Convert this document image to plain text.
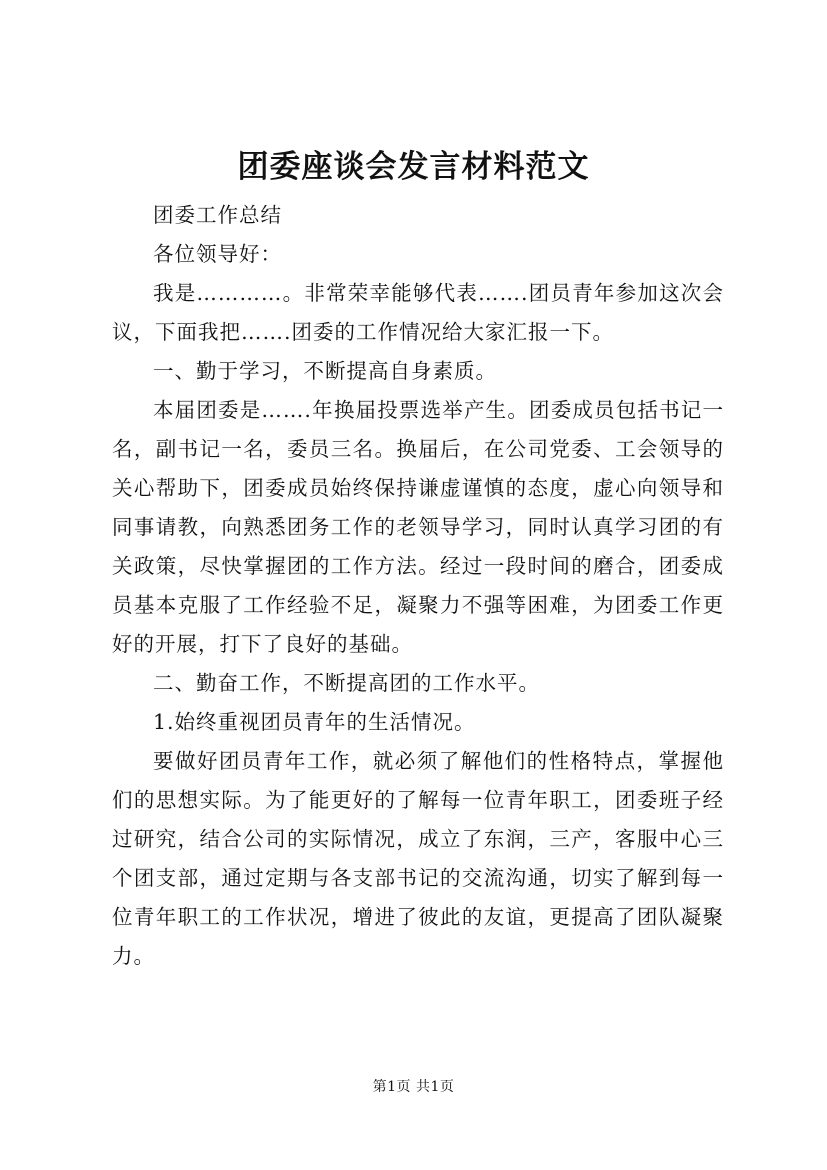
团委座谈会发言材料范文

团委工作总结

各位领导好：

我是…………。非常荣幸能够代表…….团员青年参加这次会议，下面我把…….团委的工作情况给大家汇报一下。

一、勤于学习，不断提高自身素质。

本届团委是…….年换届投票选举产生。团委成员包括书记一名，副书记一名，委员三名。换届后，在公司党委、工会领导的关心帮助下，团委成员始终保持谦虚谨慎的态度，虚心向领导和同事请教，向熟悉团务工作的老领导学习，同时认真学习团的有关政策，尽快掌握团的工作方法。经过一段时间的磨合，团委成员基本克服了工作经验不足，凝聚力不强等困难，为团委工作更好的开展，打下了良好的基础。

二、勤奋工作，不断提高团的工作水平。

1.始终重视团员青年的生活情况。

要做好团员青年工作，就必须了解他们的性格特点，掌握他们的思想实际。为了能更好的了解每一位青年职工，团委班子经过研究，结合公司的实际情况，成立了东润，三产，客服中心三个团支部，通过定期与各支部书记的交流沟通，切实了解到每一位青年职工的工作状况，增进了彼此的友谊，更提高了团队凝聚力。

第1页 共1页
